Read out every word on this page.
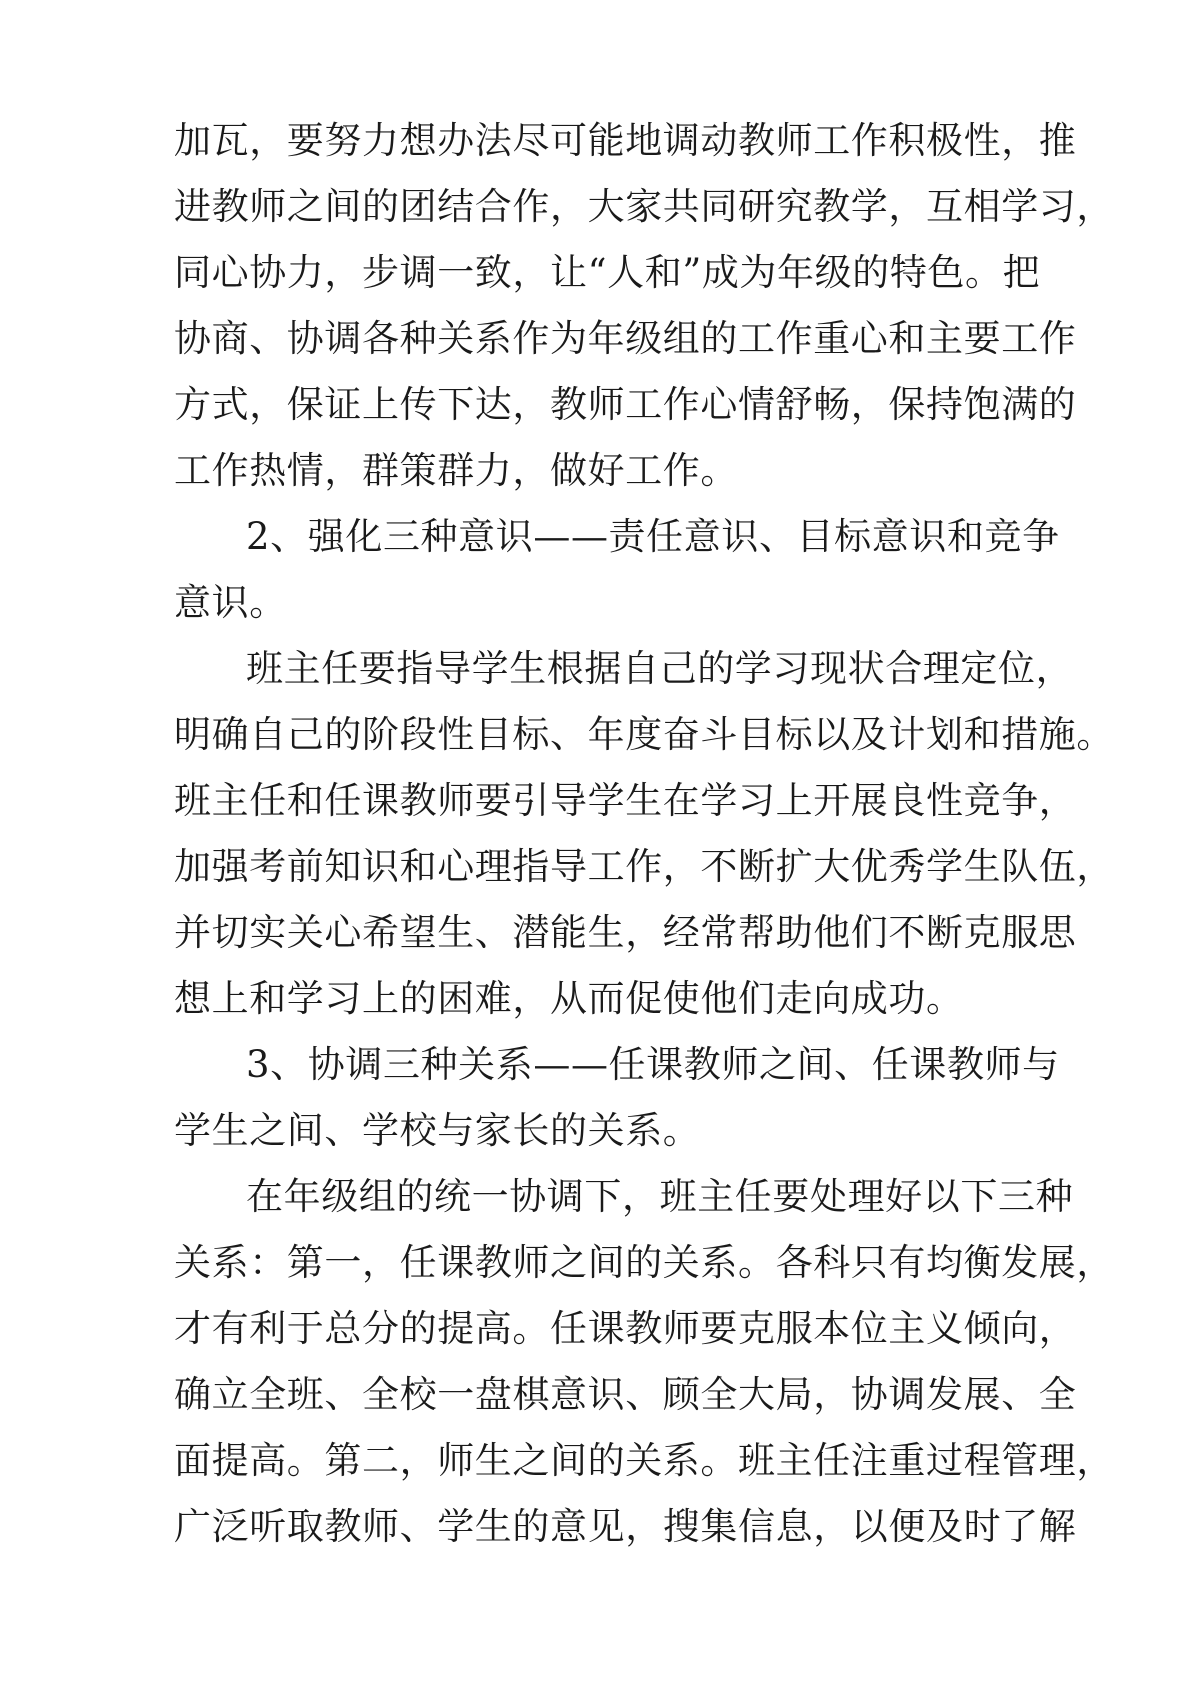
加瓦，要努力想办法尽可能地调动教师工作积极性，推
进教师之间的团结合作，大家共同研究教学，互相学习，
同心协力，步调一致，让“人和”成为年级的特色。把
协商、协调各种关系作为年级组的工作重心和主要工作
方式，保证上传下达，教师工作心情舒畅，保持饱满的
工作热情，群策群力，做好工作。
2、强化三种意识——责任意识、目标意识和竞争
意识。
班主任要指导学生根据自己的学习现状合理定位，
明确自己的阶段性目标、年度奋斗目标以及计划和措施。
班主任和任课教师要引导学生在学习上开展良性竞争，
加强考前知识和心理指导工作，不断扩大优秀学生队伍，
并切实关心希望生、潜能生，经常帮助他们不断克服思
想上和学习上的困难，从而促使他们走向成功。
3、协调三种关系——任课教师之间、任课教师与
学生之间、学校与家长的关系。
在年级组的统一协调下，班主任要处理好以下三种
关系：第一，任课教师之间的关系。各科只有均衡发展，
才有利于总分的提高。任课教师要克服本位主义倾向，
确立全班、全校一盘棋意识、顾全大局，协调发展、全
面提高。第二，师生之间的关系。班主任注重过程管理，
广泛听取教师、学生的意见，搜集信息，以便及时了解
